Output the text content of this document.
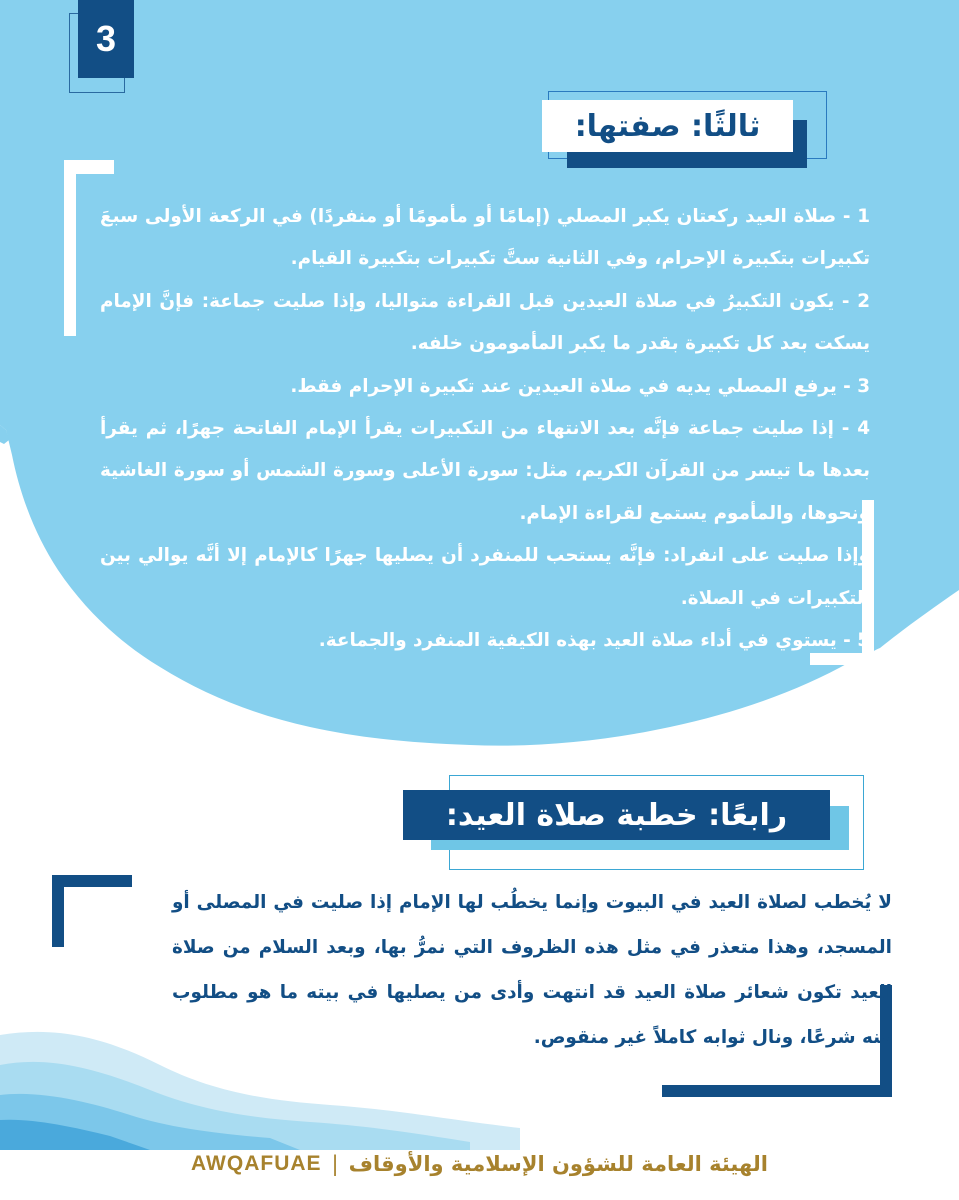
3
ثالثًا: صفتها:

1 - صلاة العيد ركعتان يكبر المصلي (إمامًا أو مأمومًا أو منفردًا) في الركعة الأولى سبعَ تكبيرات بتكبيرة الإحرام، وفي الثانية ستَّ تكبيرات بتكبيرة القيام.

2 - يكون التكبيرُ في صلاة العيدين قبل القراءة متواليا، وإذا صليت جماعة: فإنَّ الإمام يسكت بعد كل تكبيرة بقدر ما يكبر المأمومون خلفه.

3 - يرفع المصلي يديه في صلاة العيدين عند تكبيرة الإحرام فقط.

4 - إذا صليت جماعة فإنَّه بعد الانتهاء من التكبيرات يقرأ الإمام الفاتحة جهرًا، ثم يقرأ بعدها ما تيسر من القرآن الكريم، مثل: سورة الأعلى وسورة الشمس أو سورة الغاشية ونحوها، والمأموم يستمع لقراءة الإمام.

وإذا صليت على انفراد: فإنَّه يستحب للمنفرد أن يصليها جهرًا كالإمام إلا أنَّه يوالي بين التكبيرات في الصلاة.

5 - يستوي في أداء صلاة العيد بهذه الكيفية المنفرد والجماعة.

رابعًا: خطبة صلاة العيد:

لا يُخطب لصلاة العيد في البيوت وإنما يخطُب لها الإمام إذا صليت في المصلى أو المسجد، وهذا متعذر في مثل هذه الظروف التي نمرُّ بها، وبعد السلام من صلاة العيد تكون شعائر صلاة العيد قد انتهت وأدى من يصليها في بيته ما هو مطلوب منه شرعًا، ونال ثوابه كاملاً غير منقوص.

الهيئة العامة للشؤون الإسلامية والأوقاف
|
AWQAFUAE
